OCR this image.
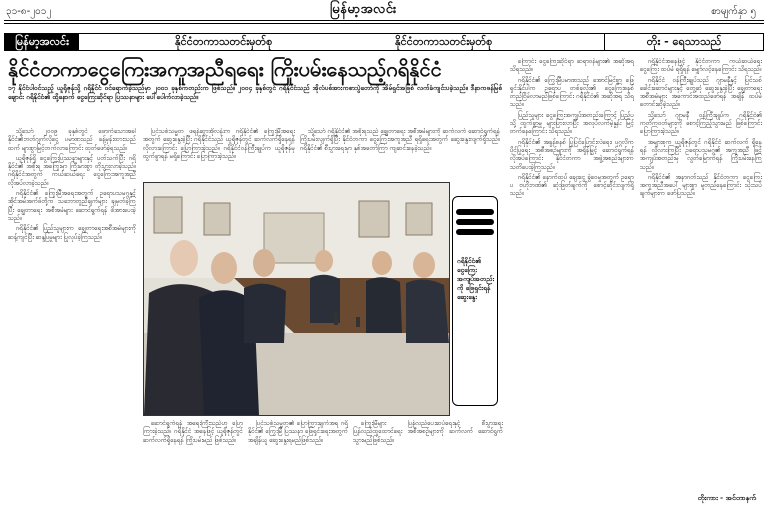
၃၁-၈-၂၀၁၂	မြန်မာ့အလင်း	စာမျက်နှာ ၅
မြန်မာ့အလင်း	နိုင်ငံတကာသတင်းမှတ်စု	နိုင်ငံတကာသတင်းမှတ်စု	တိုး - ရေသာသည်
နိုင်ငံတကာငွေကြေးအကူအညီရရေး ကြိုးပမ်းနေသည့်ဂရိနိုင်ငံ
၁၇ နိုင်ငံပါဝင်သည့် ယူရိုဇုန်သို့ ဂရိနိုင်ငံ ဝင်ရောက်ခဲ့သည်မှာ ၂၀၀၁ ခုနှစ်ကတည်းက ဖြစ်သည်။ ၂၀၀၄ ခုနှစ်တွင် ဂရိနိုင်ငံသည် အိုလံပစ်အားကစားပွဲတော်ကို အိမ်ရှင်အဖြစ် လက်ခံကျင်းပခဲ့သည်။ ဒီနာကဖန်မြစ်ချောင်း ဂရိနိုင်ငံ၏ ထို့နောက် ငွေကြေးဆိုင်ရာ ပြဿနာများ ပေါ်ပေါက်လာခဲ့သည်။

သို့သော် ၂၀၀၉ ခုနှစ်တွင် ဖောက်သောအခါ နိုင်ငံ၏ဘတ်ဂျက်လိုငွေ ပမာဏသည် ခန့်မှန်းထားသည်ထက် များစွာမြင့်တက်လာကြောင်း ထုတ်ဖော်ခဲ့ရသည်။

ယူရိုဇုန်ရှိ ငွေကြေးပြဿနာများနှင့် ပတ်သက်ပြီး ဂရိနိုင်ငံ၏ အစိုးရ အကြွေးမှာ ကြီးမားစွာ တိုးပွားလာခဲ့သည်။ ဂရိနိုင်ငံအတွက် ကယ်ဆယ်ရေး ငွေကြေးအကူအညီ လိုအပ်လာခဲ့သည်။

ဂရိနိုင်ငံ၏ ကြွေးမြီအရေးအတွက် ဥရောပသမဂ္ဂနှင့် အိုင်အမ်အက်ဖ်တို့က သဘောတူညီချက်များ ချမှတ်ခဲ့ကြပြီး ချွေတာရေး အစီအမံများ ဆောင်ရွက်ရန် ဖိအားပေးခဲ့သည်။

ဂရိနိုင်ငံ၏ ပြည်သူများက ချွေတာရေးအစီအမံများကို ဆန့်ကျင်ပြီး ဆန္ဒပြမှုများ ပြုလုပ်ခဲ့ကြသည်။

ပြင်သစ်သမ္မတ ဖရန်ဆွာအိုလန်းက ဂရိနိုင်ငံ၏ ကြွေးမြီအရေးအတွက် ဆွေးနွေးခဲ့ပြီး ဂရိနိုင်ငံသည် ယူရိုဇုန်တွင် ဆက်လက်ရှိနေရန် လိုလားကြောင်း ပြောကြားခဲ့သည်။ ဂရိနိုင်ငံဝန်ကြီးချုပ်က ယူရိုဇုန်မှ ထွက်ခွာရန် မရှိကြောင်း ပြောကြားခဲ့သည်။

သို့သော် ဂရိနိုင်ငံ၏ အစိုးရသည် ချွေတာရေး အစီအမံများကို ဆက်လက် ဆောင်ရွက်ရန် ကြိုးပမ်းလျက်ရှိပြီး နိုင်ငံတကာ ငွေကြေးအကူအညီ ရရှိရေးအတွက် ဆွေးနွေးလျက်ရှိသည်။ ဂရိနိုင်ငံ၏ စီးပွားရေးမှာ နှစ်အတော်ကြာ ကျဆင်းနေခဲ့သည်။

ဂရိနိုင်ငံ၏ ငွေကြေးအကျပ်အတည်းကို ဖြေရှင်းရန် ဆွေးနွေး

ဆောင်ရွက်ရန် အရေးကြီးသည်ဟု ပြောကြားခဲ့သည်။ ဂရိနိုင်ငံ အနေဖြင့် ယူရိုဇုန်တွင် ဆက်လက်ရှိနေရန် ကြိုးပမ်းမည် ဖြစ်သည်။

ပြင်သစ်သမ္မတ၏ ပြောကြားချက်အရ ဂရိနိုင်ငံ၏ ကြွေးမြီ ပြဿနာ ဖြေရှင်းရေးအတွက် အချိန်ယူ ဆွေးနွေးရမည်ဖြစ်သည်။

ကြွေးမြီများ ပြန်လည်ပေးဆပ်ရေးနှင့် စီးပွားရေး ပြန်လည်ထူထောင်ရေး အစီအစဉ်များကို ဆက်လက် ဆောင်ရွက်သွားမည်ဖြစ်သည်။

ကြောင်း ငွေကြေးဆိုင်ရာ ဆရာဝန်များ၏ အဆိုအရ သိရသည်။

ဂရိနိုင်ငံ၏ ကြွေးမြီပမာဏသည် အောင်မြင်စွာ ဖြေရှင်းနိုင်ပါက ဥရောပ တစ်ခုလုံး၏ ငွေကြေးစနစ် တည်ငြိမ်လာမည်ဖြစ်ကြောင်း ဂရိနိုင်ငံ၏ အဆိုအရ သိရသည်။

ပြည်သူများ ငွေကြေးအကျပ်အတည်းကြောင့် ပြည်ပသို့ ထွက်ခွာမှု များပြားလာပြီး အလုပ်လက်မဲ့နှုန်း မြင့်တက်နေကြောင်း သိရသည်။

ဂရိနိုင်ငံ၏ အခွန်စနစ် ပြုပြင်ပြောင်းလဲရေး၊ ပုဂ္ဂလိကပိုင်ပြုရေး အစီအစဉ်များကို အရှိန်မြှင့် ဆောင်ရွက်ရန် လိုအပ်ကြောင်း နိုင်ငံတကာ အဖွဲ့အစည်းများက သတိပေးခဲ့ကြသည်။

ဂရိနိုင်ငံ၏ နောက်ထပ် ချေးငွေ ခွဲဝေမှုအတွက် ဥရောပ ဗဟိုဘဏ်၏ ဆုံးဖြတ်ချက်ကို စောင့်ဆိုင်းလျက်ရှိသည်။

ဂရိနိုင်ငံအနေဖြင့် နိုင်ငံတကာ ကယ်ဆယ်ရေးငွေကြေး ထပ်မံ ရရှိရန် မျှော်လင့်နေကြောင်း သိရသည်။

ဂရိနိုင်ငံ ဝန်ကြီးချုပ်သည် ဂျာမနီနှင့် ပြင်သစ် ခေါင်းဆောင်များနှင့် တွေ့ဆုံ ဆွေးနွေးခဲ့ပြီး ချွေတာရေး အစီအမံများ အကောင်အထည်ဖော်ရန် အချိန် ထပ်မံ တောင်းဆိုခဲ့သည်။

သို့သော် ဂျာမနီ ဝန်ကြီးချုပ်က ဂရိနိုင်ငံ၏ ကတိကဝတ်များကို စောင့်ကြည့်သွားမည် ဖြစ်ကြောင်း ပြောကြားခဲ့သည်။

အများစုက ယူရိုဇုန်တွင် ဂရိနိုင်ငံ ဆက်လက် ရှိနေရန် လိုလားကြပြီး ဥရောပသမဂ္ဂ၏ အကူအညီ ဖြင့် အကျပ်အတည်းမှ လွတ်မြောက်ရန် ကြိုးပမ်းနေကြသည်။

ဂရိနိုင်ငံ၏ အနာဂတ်သည် နိုင်ငံတကာ ငွေကြေးအကူအညီအပေါ် များစွာ မူတည်နေကြောင်း သုံးသပ်ချက်များက ဖော်ပြသည်။

တိုးကား - အင်တာနက်
